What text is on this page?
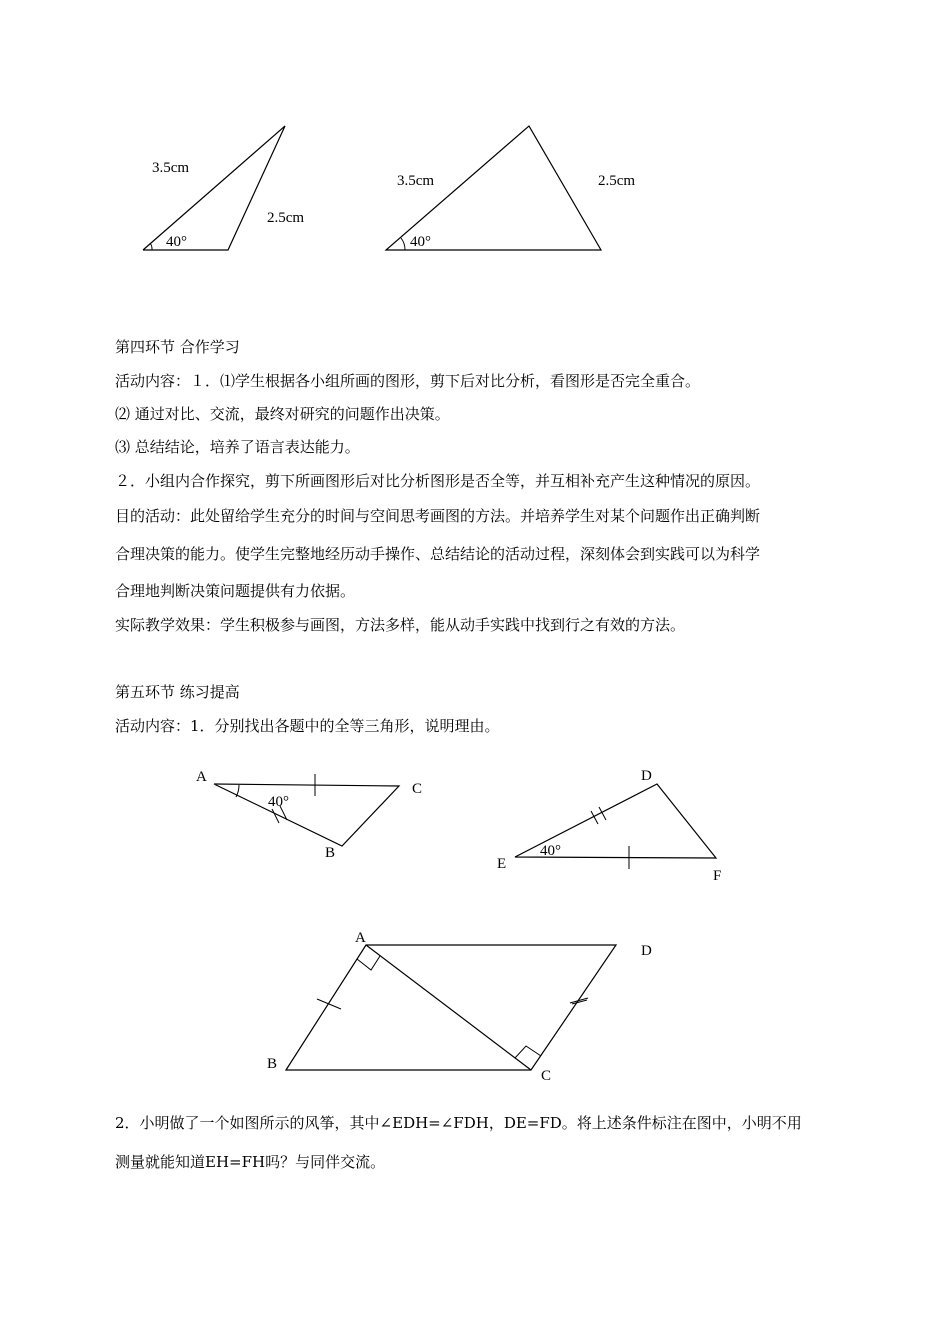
3.5cm
2.5cm
40°
3.5cm	2.5cm
40°
A
C
B
40°
D
E
F
40°
A
D
B
C
第四环节 合作学习
活动内容：１．⑴学生根据各小组所画的图形，剪下后对比分析，看图形是否完全重合。
⑵ 通过对比、交流，最终对研究的问题作出决策。
⑶ 总结结论，培养了语言表达能力。
２．小组内合作探究，剪下所画图形后对比分析图形是否全等，并互相补充产生这种情况的原因。
目的活动：此处留给学生充分的时间与空间思考画图的方法。并培养学生对某个问题作出正确判断
合理决策的能力。使学生完整地经历动手操作、总结结论的活动过程，深刻体会到实践可以为科学
合理地判断决策问题提供有力依据。
实际教学效果：学生积极参与画图，方法多样，能从动手实践中找到行之有效的方法。
第五环节 练习提高
活动内容：1．分别找出各题中的全等三角形，说明理由。
2．小明做了一个如图所示的风筝，其中∠EDH=∠FDH，DE=FD。将上述条件标注在图中，小明不用
测量就能知道EH=FH吗？与同伴交流。
